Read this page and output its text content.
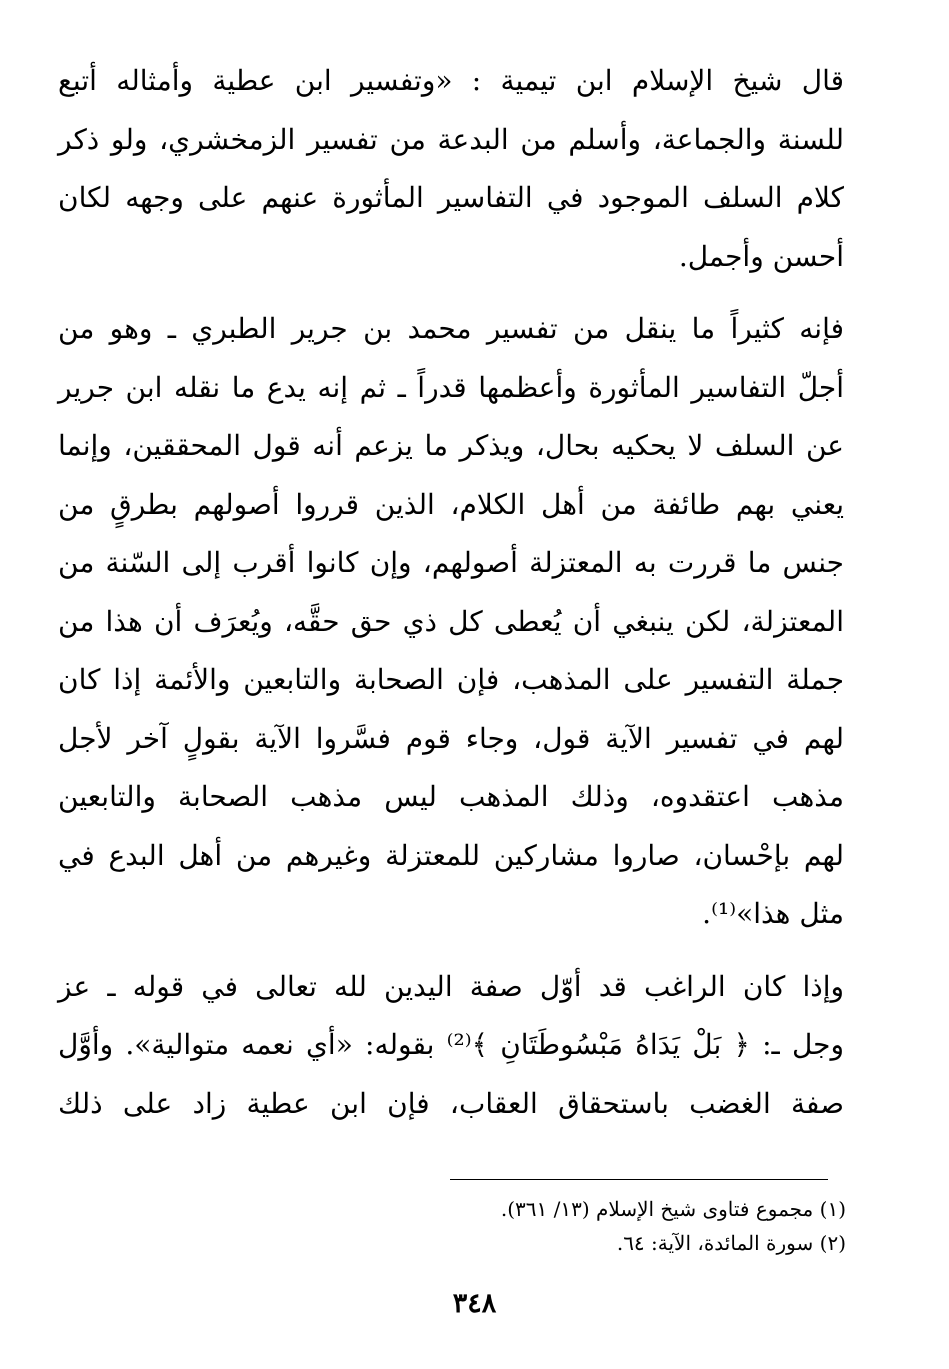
قال شيخ الإسلام ابن تيمية : «وتفسير ابن عطية وأمثاله أتبع
للسنة والجماعة، وأسلم من البدعة من تفسير الزمخشري، ولو ذكر
كلام السلف الموجود في التفاسير المأثورة عنهم على وجهه لكان
أحسن وأجمل.
فإنه كثيراً ما ينقل من تفسير محمد بن جرير الطبري ـ وهو من
أجلّ التفاسير المأثورة وأعظمها قدراً ـ ثم إنه يدع ما نقله ابن جرير
عن السلف لا يحكيه بحال، ويذكر ما يزعم أنه قول المحققين، وإنما
يعني بهم طائفة من أهل الكلام، الذين قرروا أصولهم بطرقٍ من
جنس ما قررت به المعتزلة أصولهم، وإن كانوا أقرب إلى السّنة من
المعتزلة، لكن ينبغي أن يُعطى كل ذي حق حقَّه، ويُعرَف أن هذا من
جملة التفسير على المذهب، فإن الصحابة والتابعين والأئمة إذا كان
لهم في تفسير الآية قول، وجاء قوم فسَّروا الآية بقولٍ آخر لأجل
مذهب اعتقدوه، وذلك المذهب ليس مذهب الصحابة والتابعين
لهم بإحْسان، صاروا مشاركين للمعتزلة وغيرهم من أهل البدع في
مثل هذا»⁽¹⁾.
وإذا كان الراغب قد أوّل صفة اليدين لله تعالى في قوله ـ عز
وجل ـ: ﴿ بَلْ يَدَاهُ مَبْسُوطَتَانِ ﴾⁽²⁾ بقوله: «أي نعمه متوالية». وأوَّل
صفة الغضب باستحقاق العقاب، فإن ابن عطية زاد على ذلك
(١) مجموع فتاوى شيخ الإسلام (١٣/ ٣٦١).
(٢) سورة المائدة، الآية: ٦٤.
٣٤٨
